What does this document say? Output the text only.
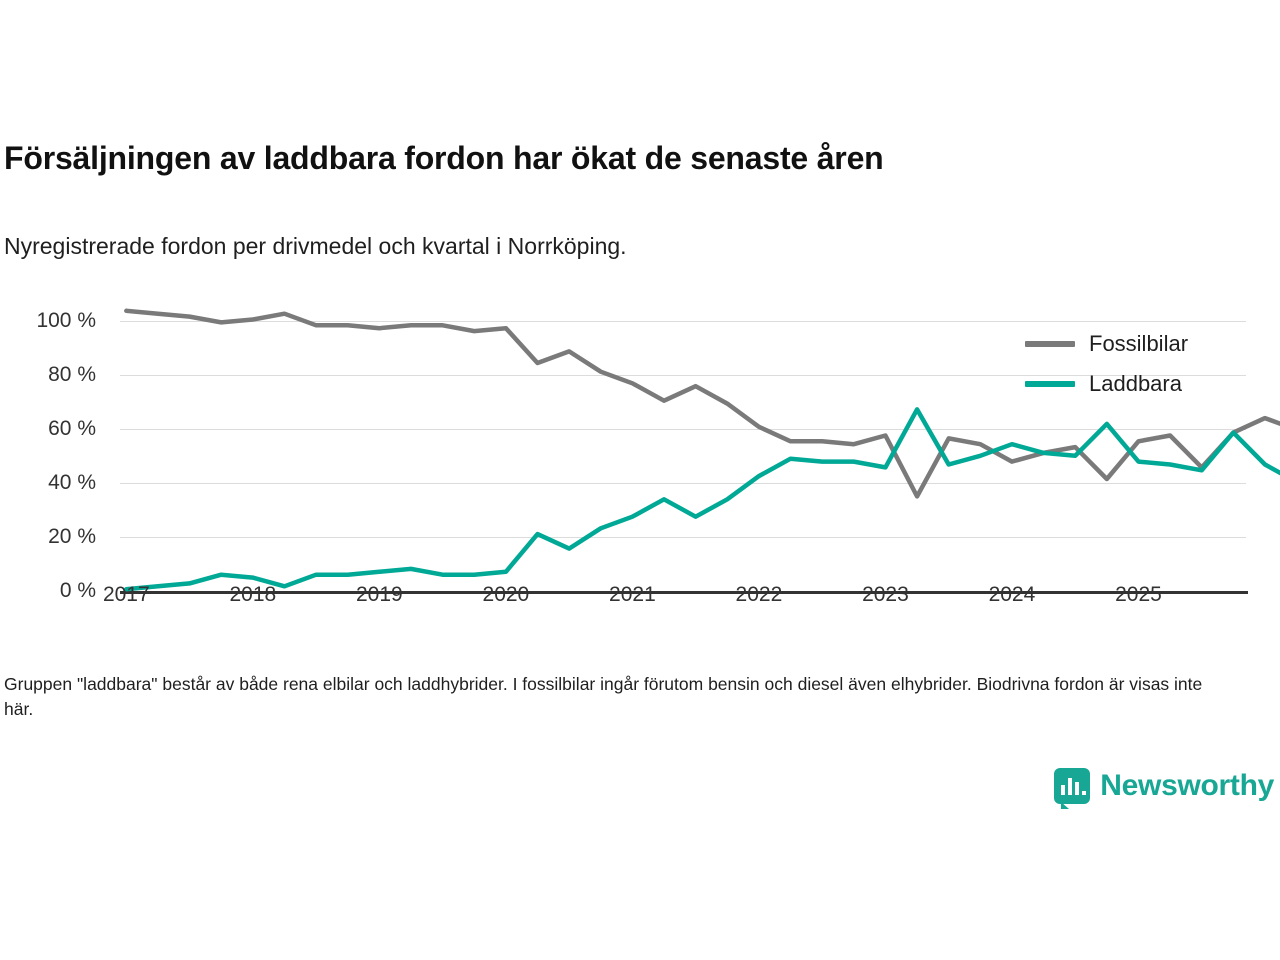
Försäljningen av laddbara fordon har ökat de senaste åren

Nyregistrerade fordon per drivmedel och kvartal i Norrköping.

100 %
80 %
60 %
40 %
20 %
0 % 2017	2018	2019	2020	2021	2022	2023	2024	2025
Fossilbilar
Laddbara
Gruppen "laddbara" består av både rena elbilar och laddhybrider. I fossilbilar ingår förutom bensin och diesel även elhybrider. Biodrivna fordon är visas inte här.
Newsworthy
